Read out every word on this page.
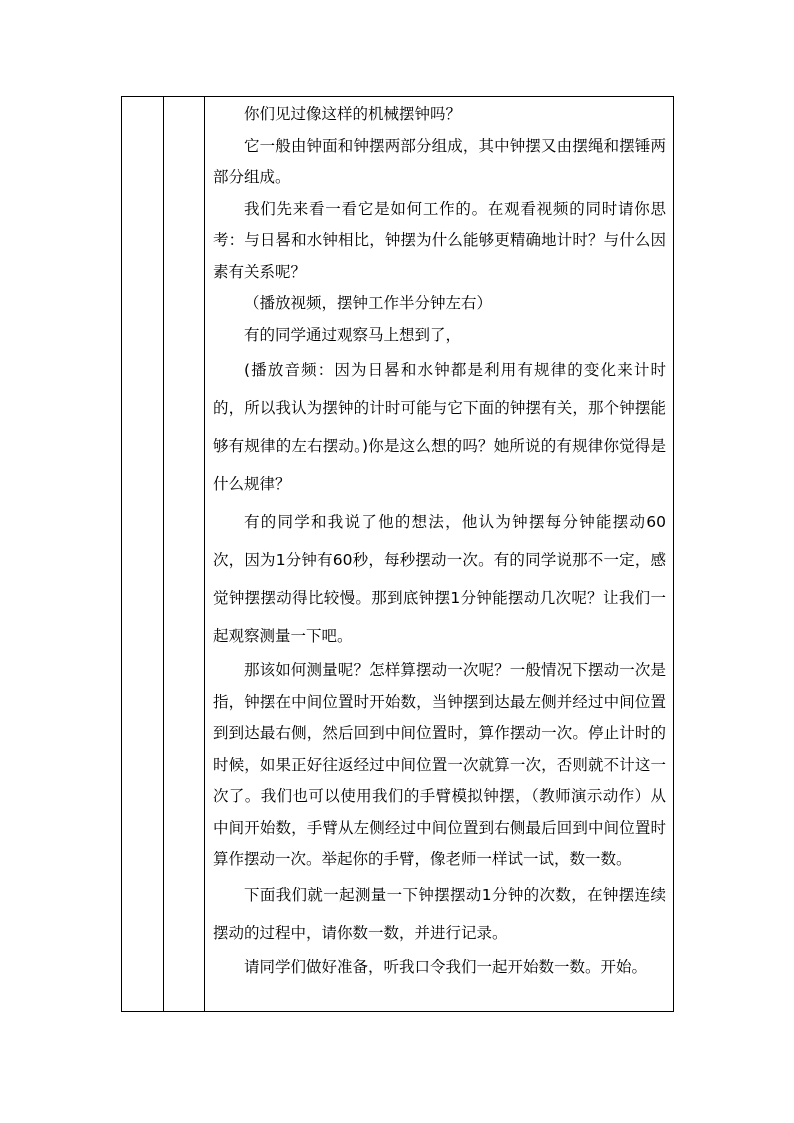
你们见过像这样的机械摆钟吗？

它一般由钟面和钟摆两部分组成，其中钟摆又由摆绳和摆锤两部分组成。

我们先来看一看它是如何工作的。在观看视频的同时请你思考：与日晷和水钟相比，钟摆为什么能够更精确地计时？与什么因素有关系呢？

（播放视频，摆钟工作半分钟左右）

有的同学通过观察马上想到了，

(播放音频：因为日晷和水钟都是利用有规律的变化来计时的，所以我认为摆钟的计时可能与它下面的钟摆有关，那个钟摆能够有规律的左右摆动。)你是这么想的吗？她所说的有规律你觉得是什么规律？

有的同学和我说了他的想法，他认为钟摆每分钟能摆动60次，因为1分钟有60秒，每秒摆动一次。有的同学说那不一定，感觉钟摆摆动得比较慢。那到底钟摆1分钟能摆动几次呢？让我们一起观察测量一下吧。

那该如何测量呢？怎样算摆动一次呢？一般情况下摆动一次是指，钟摆在中间位置时开始数，当钟摆到达最左侧并经过中间位置到到达最右侧，然后回到中间位置时，算作摆动一次。停止计时的时候，如果正好往返经过中间位置一次就算一次，否则就不计这一次了。我们也可以使用我们的手臂模拟钟摆，（教师演示动作）从中间开始数，手臂从左侧经过中间位置到右侧最后回到中间位置时算作摆动一次。举起你的手臂，像老师一样试一试，数一数。

下面我们就一起测量一下钟摆摆动1分钟的次数，在钟摆连续摆动的过程中，请你数一数，并进行记录。

请同学们做好准备，听我口令我们一起开始数一数。开始。
